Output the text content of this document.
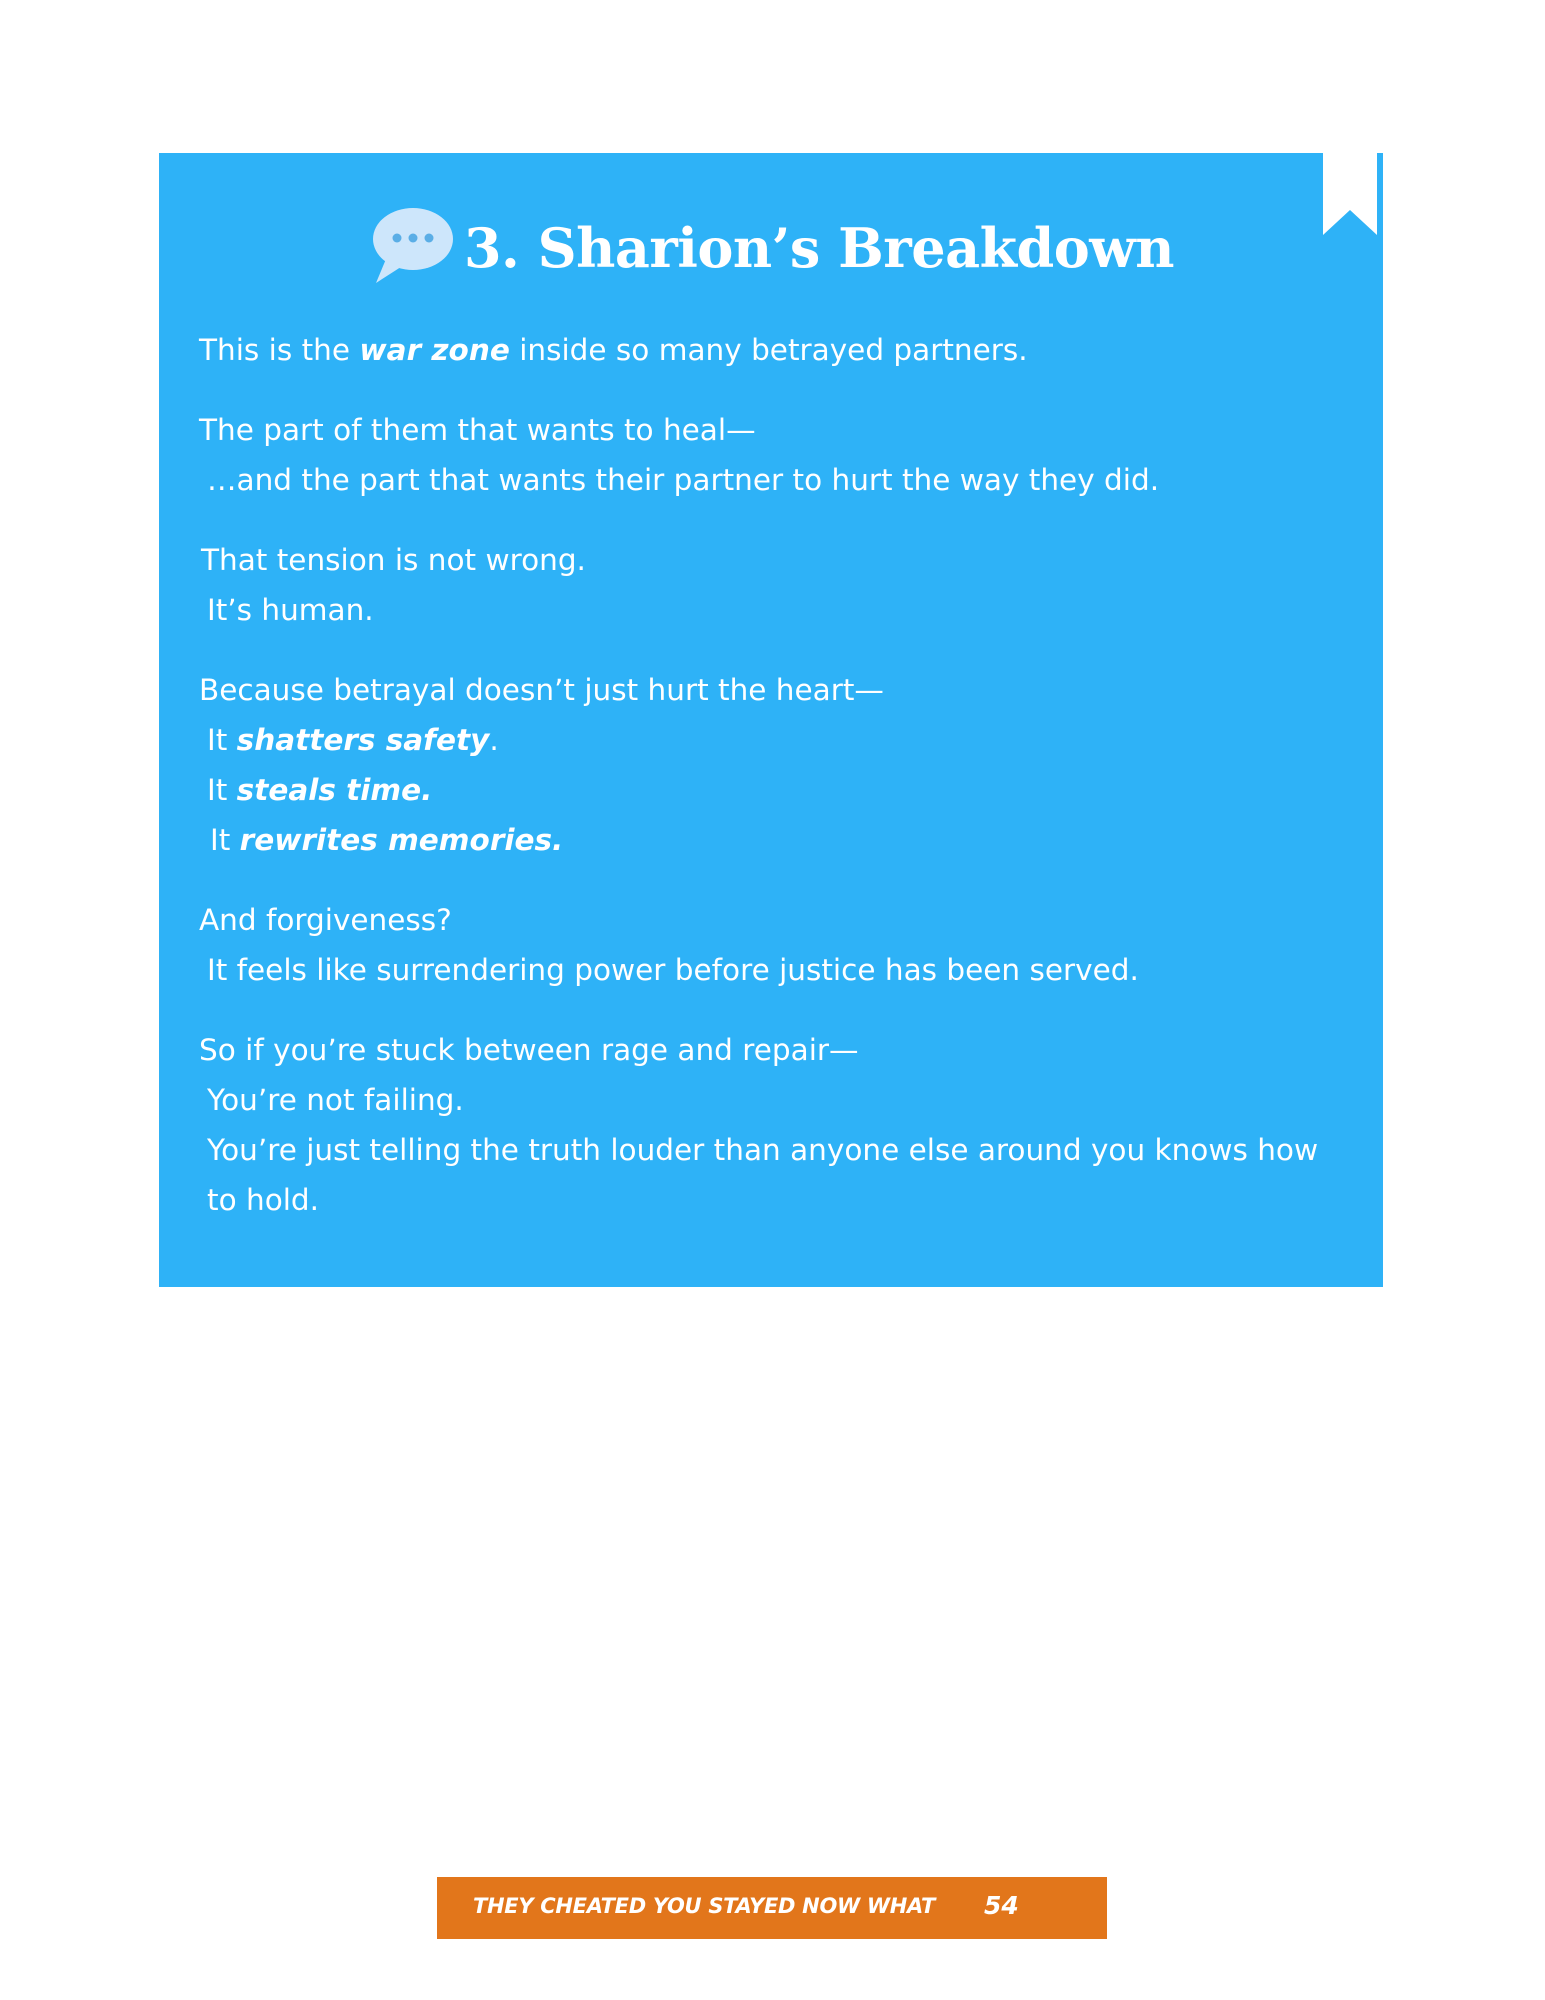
3. Sharion’s Breakdown

This is the war zone inside so many betrayed partners.

The part of them that wants to heal—
…and the part that wants their partner to hurt the way they did.

That tension is not wrong.
It’s human.

Because betrayal doesn’t just hurt the heart—
It shatters safety.
It steals time.
It rewrites memories.

And forgiveness?
It feels like surrendering power before justice has been served.

So if you’re stuck between rage and repair—
You’re not failing.
You’re just telling the truth louder than anyone else around you knows how to hold.

THEY CHEATED YOU STAYED NOW WHAT 54
